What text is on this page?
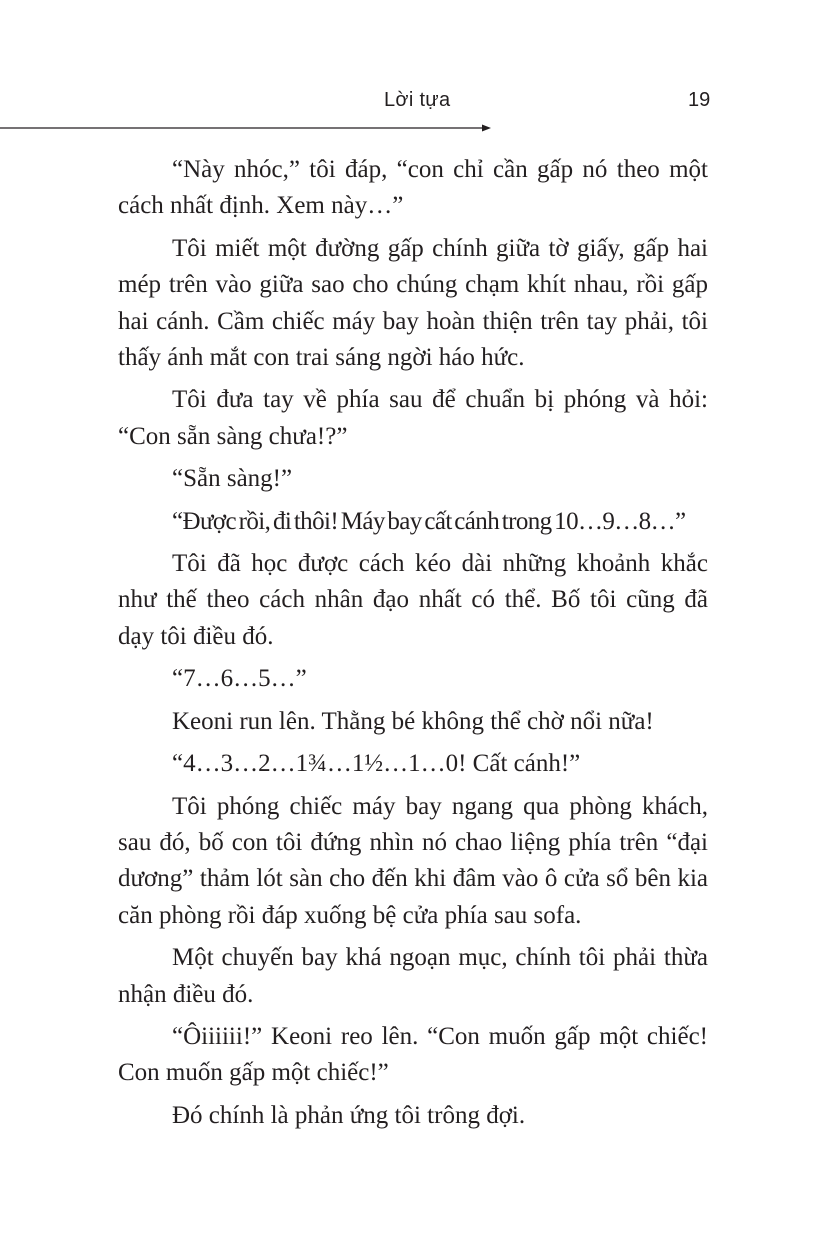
Lời tựa	19

“Này nhóc,” tôi đáp, “con chỉ cần gấp nó theo một cách nhất định. Xem này…”

Tôi miết một đường gấp chính giữa tờ giấy, gấp hai mép trên vào giữa sao cho chúng chạm khít nhau, rồi gấp hai cánh. Cầm chiếc máy bay hoàn thiện trên tay phải, tôi thấy ánh mắt con trai sáng ngời háo hức.

Tôi đưa tay về phía sau để chuẩn bị phóng và hỏi: “Con sẵn sàng chưa!?”

“Sẵn sàng!”

“Được rồi, đi thôi! Máy bay cất cánh trong 10…9…8…”

Tôi đã học được cách kéo dài những khoảnh khắc như thế theo cách nhân đạo nhất có thể. Bố tôi cũng đã dạy tôi điều đó.

“7…6…5…”

Keoni run lên. Thằng bé không thể chờ nổi nữa!

“4…3…2…1¾…1½…1…0! Cất cánh!”

Tôi phóng chiếc máy bay ngang qua phòng khách, sau đó, bố con tôi đứng nhìn nó chao liệng phía trên “đại dương” thảm lót sàn cho đến khi đâm vào ô cửa sổ bên kia căn phòng rồi đáp xuống bệ cửa phía sau sofa.

Một chuyến bay khá ngoạn mục, chính tôi phải thừa nhận điều đó.

“Ôiiiiii!” Keoni reo lên. “Con muốn gấp một chiếc! Con muốn gấp một chiếc!”

Đó chính là phản ứng tôi trông đợi.
